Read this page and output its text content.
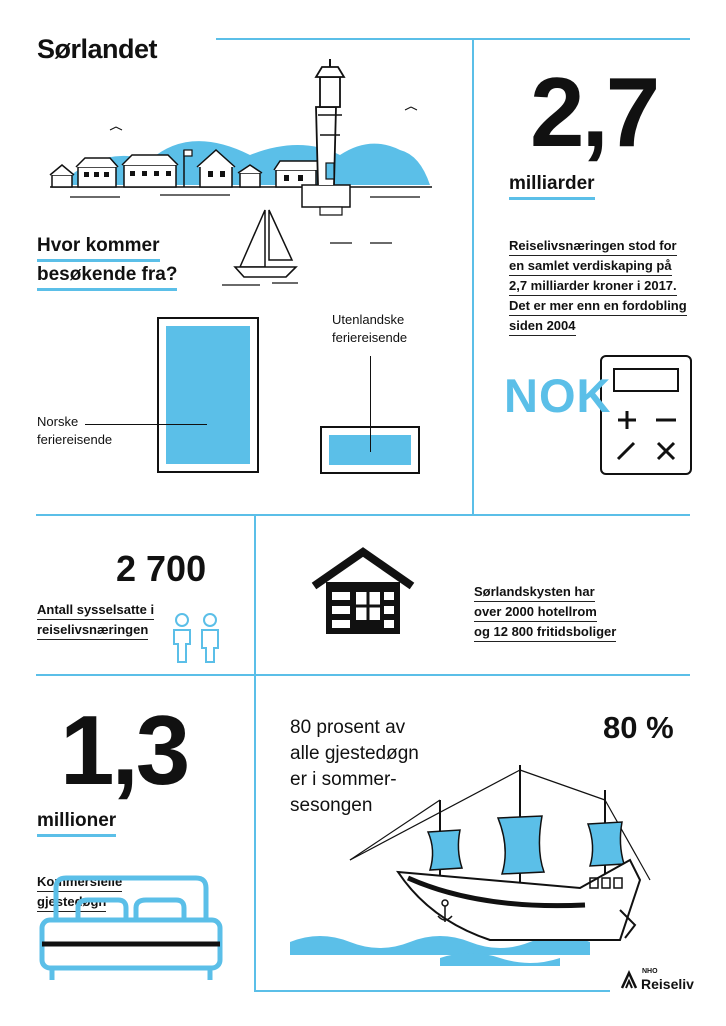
Sørlandet
Hvor kommer
besøkende fra?
Norske
feriereisende
Utenlandske
feriereisende
2,7
milliarder
Reiselivsnæringen stod for
en samlet verdiskaping på
2,7 milliarder kroner i 2017.
Det er mer enn en fordobling
siden 2004
NOK
2 700
Antall sysselsatte i
reiselivsnæringen
Sørlandskysten har
over 2000 hotellrom
og 12 800 fritidsboliger
1,3
millioner
Kommersielle
gjestedøgn
80 prosent av
alle gjestedøgn
er i sommer-
sesongen
80 %
NHO
Reiseliv
